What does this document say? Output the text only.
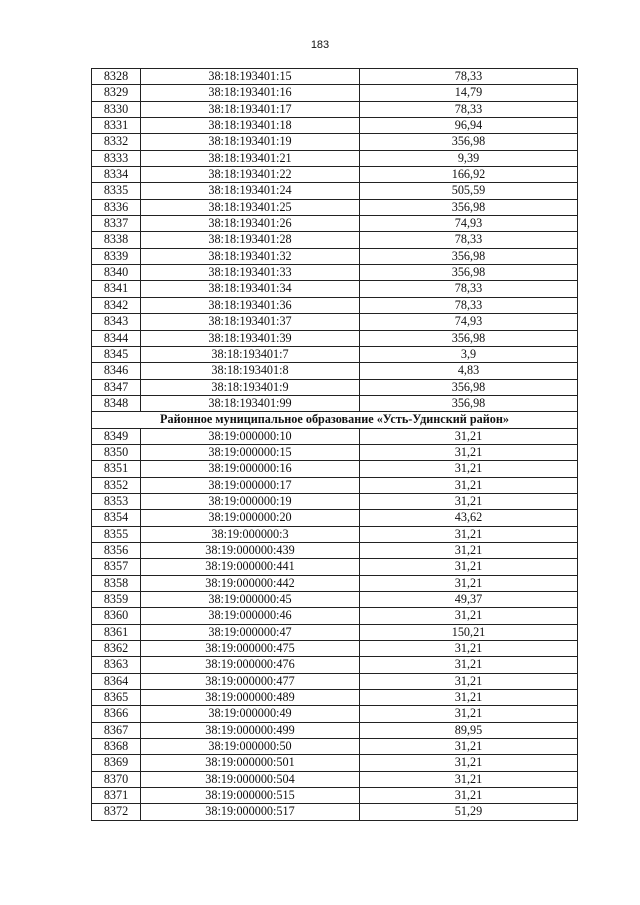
183
8328	38:18:193401:15	78,33
8329	38:18:193401:16	14,79
8330	38:18:193401:17	78,33
8331	38:18:193401:18	96,94
8332	38:18:193401:19	356,98
8333	38:18:193401:21	9,39
8334	38:18:193401:22	166,92
8335	38:18:193401:24	505,59
8336	38:18:193401:25	356,98
8337	38:18:193401:26	74,93
8338	38:18:193401:28	78,33
8339	38:18:193401:32	356,98
8340	38:18:193401:33	356,98
8341	38:18:193401:34	78,33
8342	38:18:193401:36	78,33
8343	38:18:193401:37	74,93
8344	38:18:193401:39	356,98
8345	38:18:193401:7	3,9
8346	38:18:193401:8	4,83
8347	38:18:193401:9	356,98
8348	38:18:193401:99	356,98
Районное муниципальное образование «Усть-Удинский район»		
8349	38:19:000000:10	31,21
8350	38:19:000000:15	31,21
8351	38:19:000000:16	31,21
8352	38:19:000000:17	31,21
8353	38:19:000000:19	31,21
8354	38:19:000000:20	43,62
8355	38:19:000000:3	31,21
8356	38:19:000000:439	31,21
8357	38:19:000000:441	31,21
8358	38:19:000000:442	31,21
8359	38:19:000000:45	49,37
8360	38:19:000000:46	31,21
8361	38:19:000000:47	150,21
8362	38:19:000000:475	31,21
8363	38:19:000000:476	31,21
8364	38:19:000000:477	31,21
8365	38:19:000000:489	31,21
8366	38:19:000000:49	31,21
8367	38:19:000000:499	89,95
8368	38:19:000000:50	31,21
8369	38:19:000000:501	31,21
8370	38:19:000000:504	31,21
8371	38:19:000000:515	31,21
8372	38:19:000000:517	51,29
